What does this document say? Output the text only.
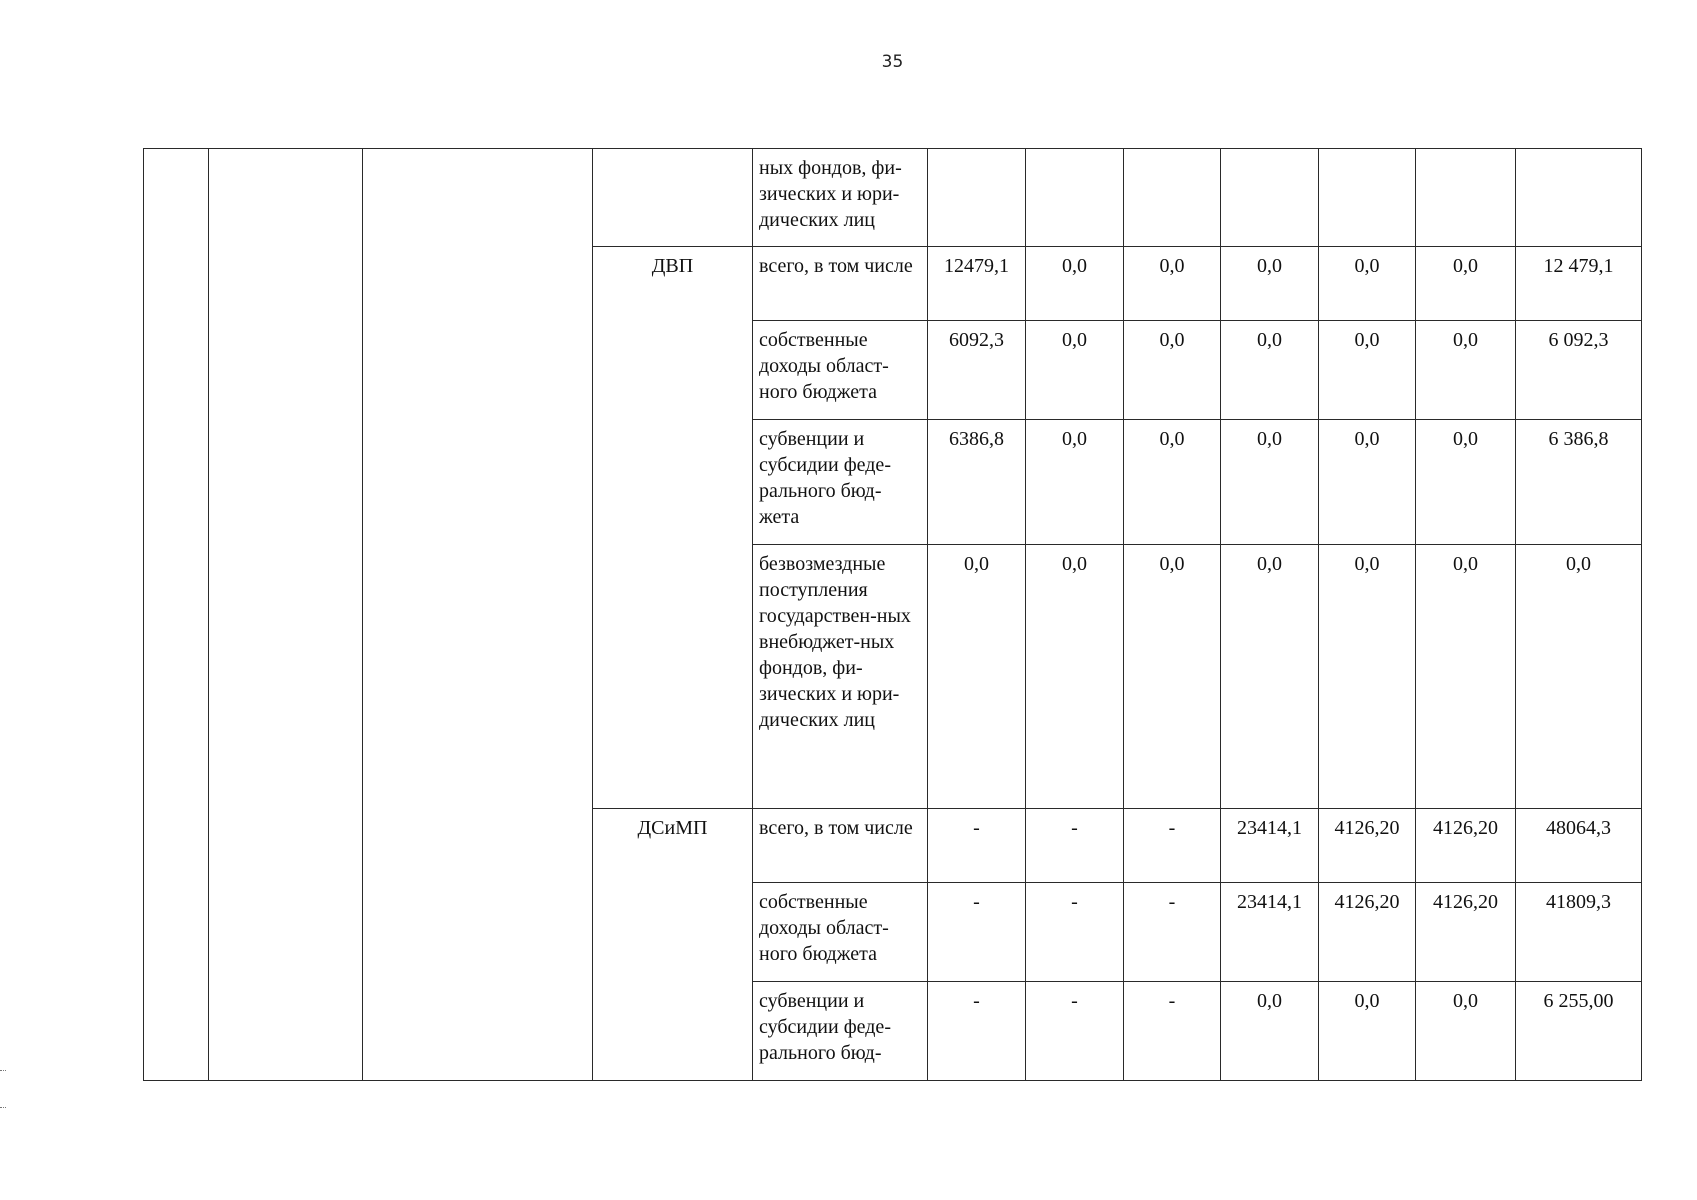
35
				ных фондов, фи-зических и юри-дических лиц							
			ДВП	всего, в том числе	12479,1	0,0	0,0	0,0	0,0	0,0	12 479,1
				собственные доходы област-ного бюджета	6092,3	0,0	0,0	0,0	0,0	0,0	6 092,3
				субвенции и субсидии феде-рального бюд-жета	6386,8	0,0	0,0	0,0	0,0	0,0	6 386,8
				безвозмездные поступления государствен-ных внебюджет-ных фондов, фи-зических и юри-дических лиц	0,0	0,0	0,0	0,0	0,0	0,0	0,0
			ДСиМП	всего, в том числе	-	-	-	23414,1	4126,20	4126,20	48064,3
				собственные доходы област-ного бюджета	-	-	-	23414,1	4126,20	4126,20	41809,3
				субвенции и субсидии феде-рального бюд-	-	-	-	0,0	0,0	0,0	6 255,00
